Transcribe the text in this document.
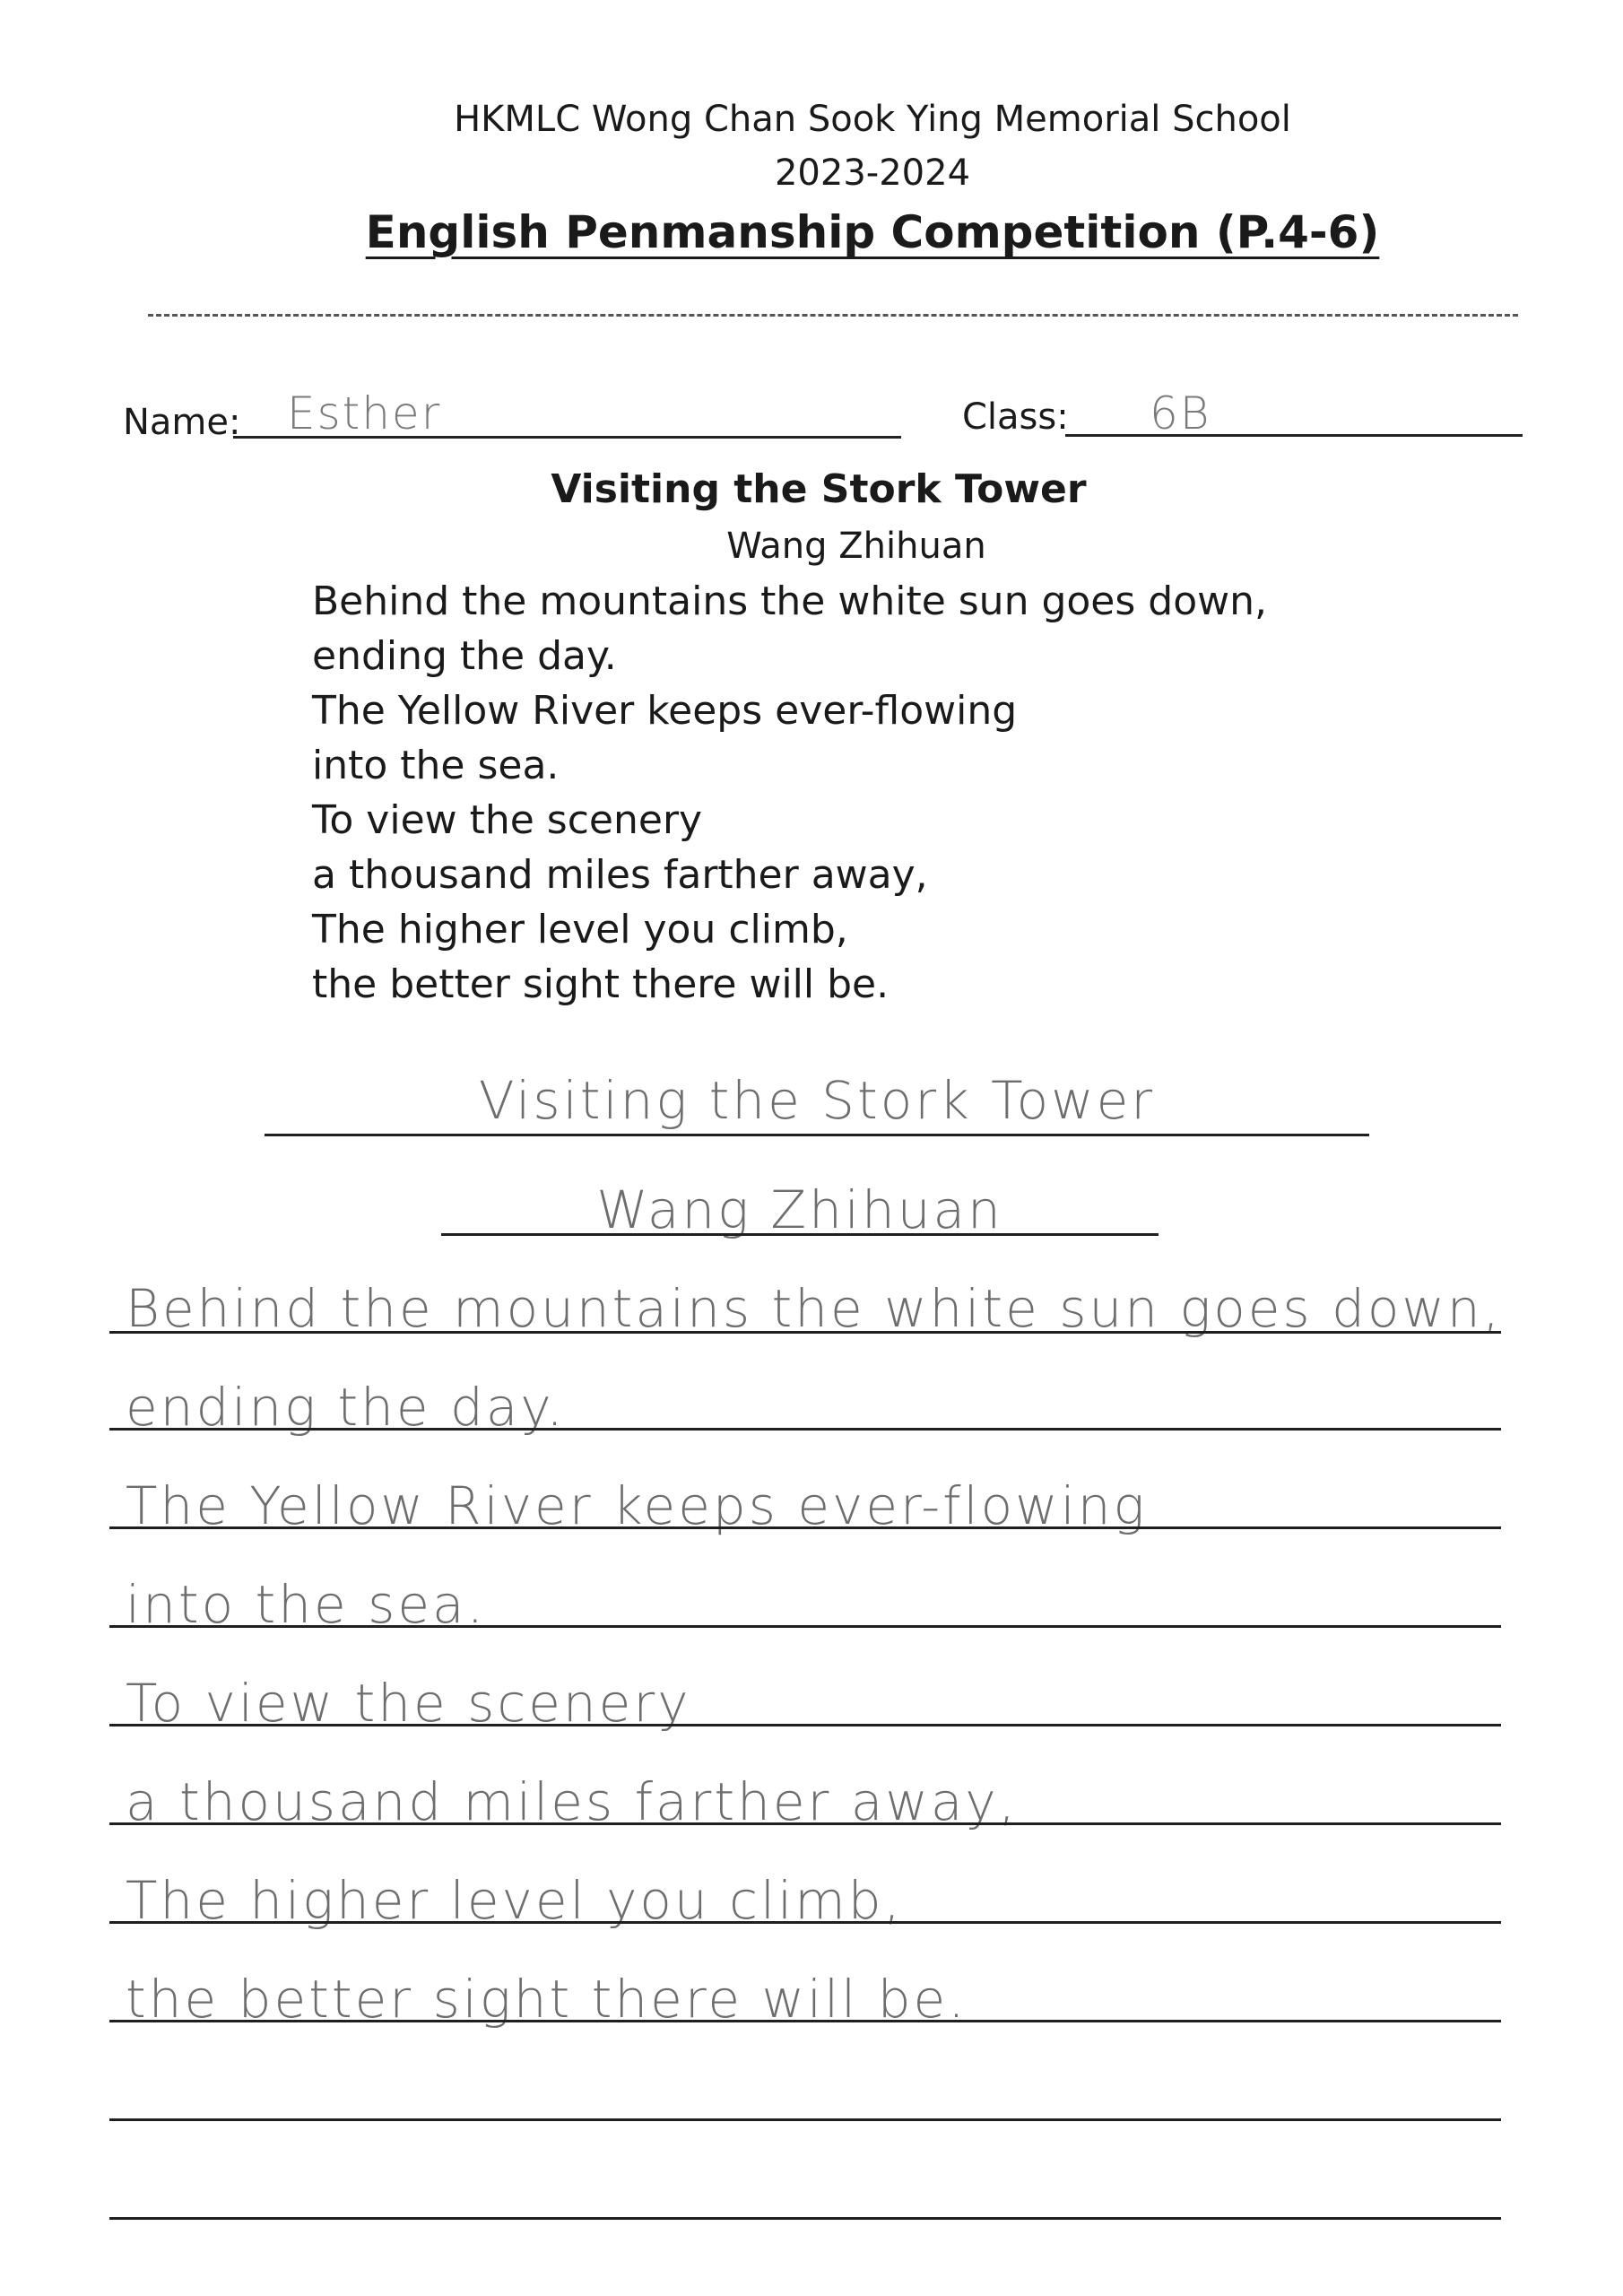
HKMLC Wong Chan Sook Ying Memorial School
2023-2024
English Penmanship Competition (P.4-6)
Name: Esther	Class: 6B
Visiting the Stork Tower
Wang Zhihuan
Behind the mountains the white sun goes down,
ending the day.
The Yellow River keeps ever-flowing
into the sea.
To view the scenery
a thousand miles farther away,
The higher level you climb,
the better sight there will be.
Visiting the Stork Tower
Wang Zhihuan
Behind the mountains the white sun goes down,
ending the day.
The Yellow River keeps ever-flowing
into the sea.
To view the scenery
a thousand miles farther away,
The higher level you climb,
the better sight there will be.
